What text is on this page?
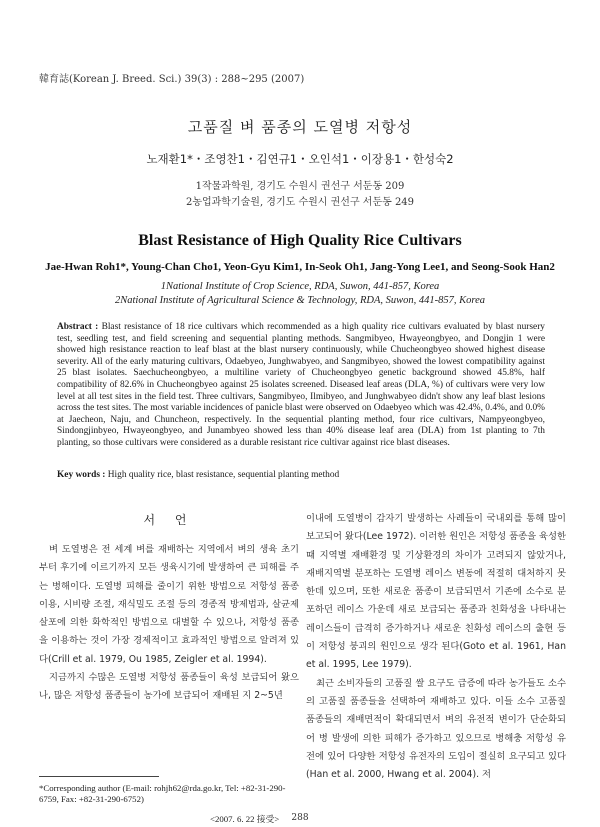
韓育誌(Korean J. Breed. Sci.) 39(3) : 288~295 (2007)
고품질 벼 품종의 도열병 저항성
노재환1*・조영찬1・김연규1・오인석1・이장용1・한성숙2
1작물과학원, 경기도 수원시 권선구 서둔동 209
2농업과학기술원, 경기도 수원시 권선구 서둔동 249
Blast Resistance of High Quality Rice Cultivars
Jae-Hwan Roh1*, Young-Chan Cho1, Yeon-Gyu Kim1, In-Seok Oh1, Jang-Yong Lee1, and Seong-Sook Han2
1National Institute of Crop Science, RDA, Suwon, 441-857, Korea
2National Institute of Agricultural Science & Technology, RDA, Suwon, 441-857, Korea
Abstract : Blast resistance of 18 rice cultivars which recommended as a high quality rice cultivars evaluated by blast nursery test, seedling test, and field screening and sequential planting methods. Sangmibyeo, Hwayeongbyeo, and Dongjin 1 were showed high resistance reaction to leaf blast at the blast nursery continuously, while Chucheongbyeo showed highest disease severity. All of the early maturing cultivars, Odaebyeo, Junghwabyeo, and Sangmibyeo, showed the lowest compatibility against 25 blast isolates. Saechucheongbyeo, a multiline variety of Chucheongbyeo genetic background showed 45.8%, half compatibility of 82.6% in Chucheongbyeo against 25 isolates screened. Diseased leaf areas (DLA, %) of cultivars were very low level at all test sites in the field test. Three cultivars, Sangmibyeo, Ilmibyeo, and Junghwabyeo didn't show any leaf blast lesions across the test sites. The most variable incidences of panicle blast were observed on Odaebyeo which was 42.4%, 0.4%, and 0.0% at Jaecheon, Naju, and Chuncheon, respectively. In the sequential planting method, four rice cultivars, Nampyeongbyeo, Sindongjinbyeo, Hwayeongbyeo, and Junambyeo showed less than 40% disease leaf area (DLA) from 1st planting to 7th planting, so those cultivars were considered as a durable resistant rice cultivar against rice blast diseases.
Key words : High quality rice, blast resistance, sequential planting method
서 언

벼 도열병은 전 세계 벼를 재배하는 지역에서 벼의 생육 초기부터 후기에 이르기까지 모든 생육시기에 발생하여 큰 피해를 주는 병해이다. 도열병 피해를 줄이기 위한 방법으로 저항성 품종 이용, 시비량 조절, 재식밀도 조절 등의 경종적 방제법과, 살균제 살포에 의한 화학적인 방법으로 대별할 수 있으나, 저항성 품종을 이용하는 것이 가장 경제적이고 효과적인 방법으로 알려져 있다(Crill et al. 1979, Ou 1985, Zeigler et al. 1994).

지금까지 수많은 도열병 저항성 품종들이 육성 보급되어 왔으나, 많은 저항성 품종들이 농가에 보급되어 재배된 지 2~5년

이내에 도열병이 감자기 발생하는 사례들이 국내외를 통해 많이 보고되어 왔다(Lee 1972). 이러한 원인은 저항성 품종을 육성한 때 지역별 재배환경 및 기상환경의 차이가 고려되지 않았거나, 재배지역별 분포하는 도열병 레이스 변동에 적절히 대처하지 못한데 있으며, 또한 새로운 품종이 보급되면서 기존에 소수로 분포하던 레이스 가운데 새로 보급되는 품종과 친화성을 나타내는 레이스들이 급격히 증가하거나 새로운 친화성 레이스의 출현 등이 저항성 붕괴의 원인으로 생각 된다(Goto et al. 1961, Han et al. 1995, Lee 1979).

최근 소비자들의 고품질 쌀 요구도 급증에 따라 농가들도 소수의 고품질 품종들을 선택하여 재배하고 있다. 이들 소수 고품질 품종들의 재배면적이 확대되면서 벼의 유전적 변이가 단순화되어 병 발생에 의한 피해가 증가하고 있으므로 병해충 저항성 유전에 있어 다양한 저항성 유전자의 도입이 절실히 요구되고 있다(Han et al. 2000, Hwang et al. 2004). 저

*Corresponding author (E-mail: rohjh62@rda.go.kr, Tel: +82-31-290-6759, Fax: +82-31-290-6752)
<2007. 6. 22 接受>	288
